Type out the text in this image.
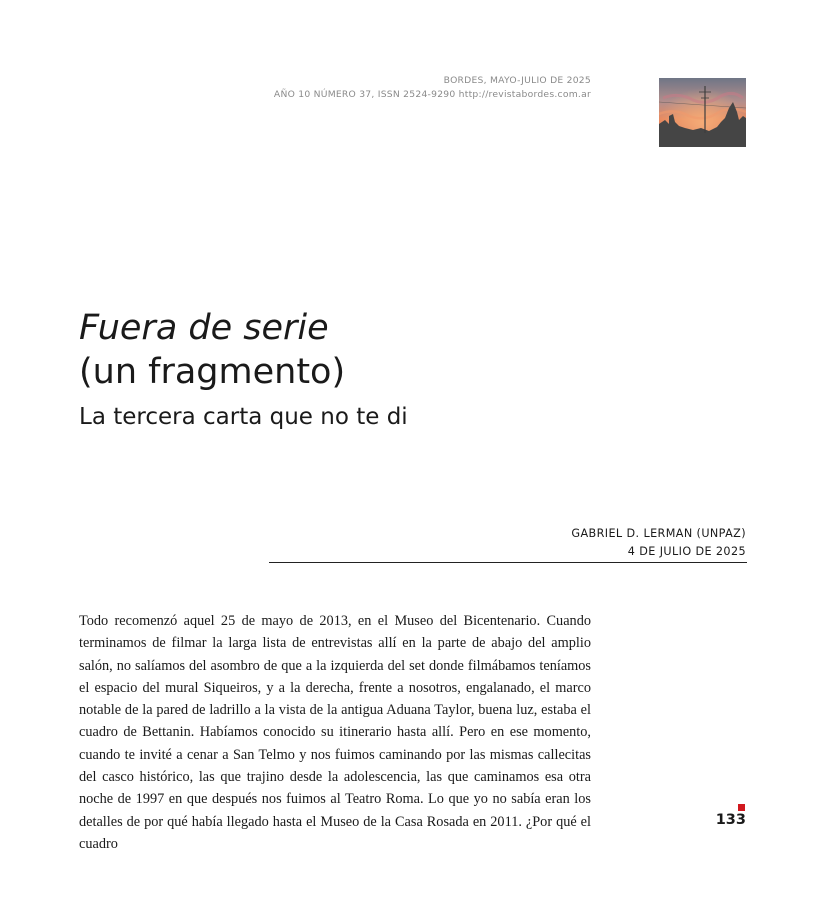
BORDES, MAYO-JULIO DE 2025
AÑO 10 NÚMERO 37, ISSN 2524-9290 http://revistabordes.com.ar
Fuera de serie
(un fragmento)
La tercera carta que no te di
GABRIEL D. LERMAN (UNPAZ)
4 DE JULIO DE 2025

Todo recomenzó aquel 25 de mayo de 2013, en el Museo del Bicentenario. Cuando terminamos de filmar la larga lista de entrevistas allí en la parte de abajo del amplio salón, no salíamos del asombro de que a la izquierda del set donde filmábamos teníamos el espacio del mural Siqueiros, y a la derecha, frente a nosotros, engalanado, el marco notable de la pared de ladrillo a la vista de la antigua Aduana Taylor, buena luz, estaba el cuadro de Bettanin. Habíamos conocido su itinerario hasta allí. Pero en ese momento, cuando te invité a cenar a San Telmo y nos fuimos caminando por las mismas callecitas del casco histórico, las que trajino desde la adolescencia, las que caminamos esa otra noche de 1997 en que después nos fuimos al Teatro Roma. Lo que yo no sabía eran los detalles de por qué había llegado hasta el Museo de la Casa Rosada en 2011. ¿Por qué el cuadro

133
